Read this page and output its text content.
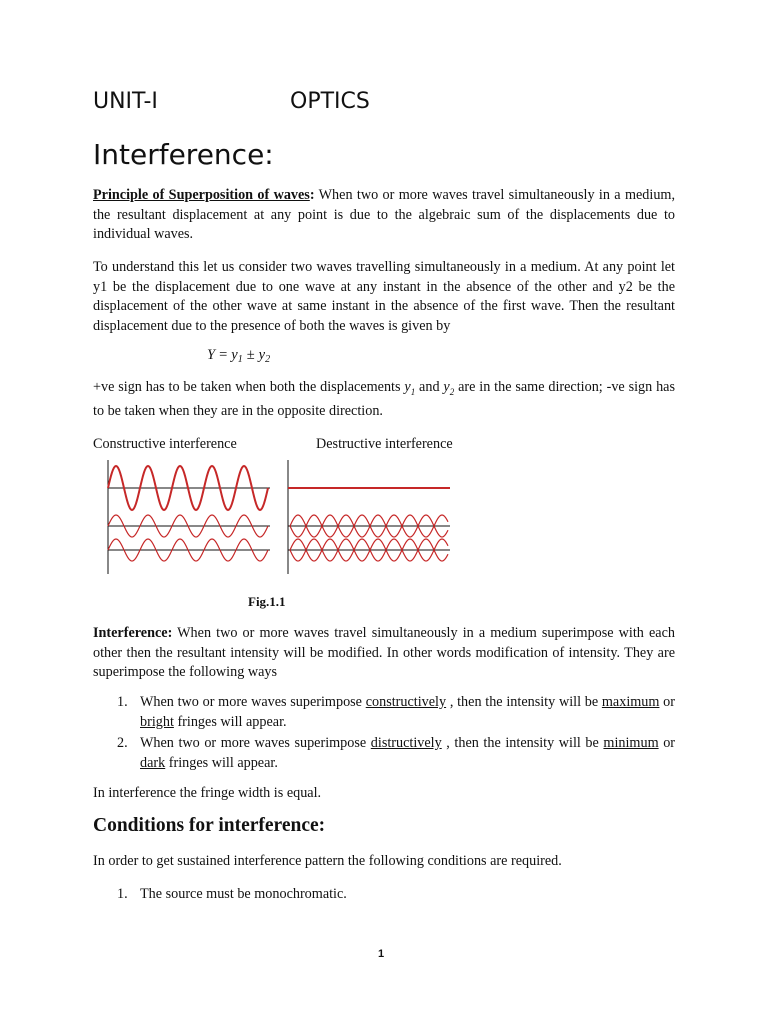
UNIT-I	OPTICS
Interference:

Principle of Superposition of waves: When two or more waves travel simultaneously in a medium, the resultant displacement at any point is due to the algebraic sum of the displacements due to individual waves.

To understand this let us consider two waves travelling simultaneously in a medium. At any point let y1 be the displacement due to one wave at any instant in the absence of the other and y2 be the displacement of the other wave at same instant in the absence of the first wave. Then the resultant displacement due to the presence of both the waves is given by

$Y = y_1 \pm y_2$

+ve sign has to be taken when both the displacements $y_1$ and $y_2$ are in the same direction; -ve sign has to be taken when they are in the opposite direction.

Constructive interference	Destructive interference
Fig.1.1

Interference: When two or more waves travel simultaneously in a medium superimpose with each other then the resultant intensity will be modified. In other words modification of intensity. They are superimpose the following ways

1. When two or more waves superimpose constructively , then the intensity will be maximum or bright fringes will appear.
2. When two or more waves superimpose distructively , then the intensity will be minimum or dark fringes will appear.

In interference the fringe width is equal.

Conditions for interference:

In order to get sustained interference pattern the following conditions are required.

1. The source must be monochromatic.
1
